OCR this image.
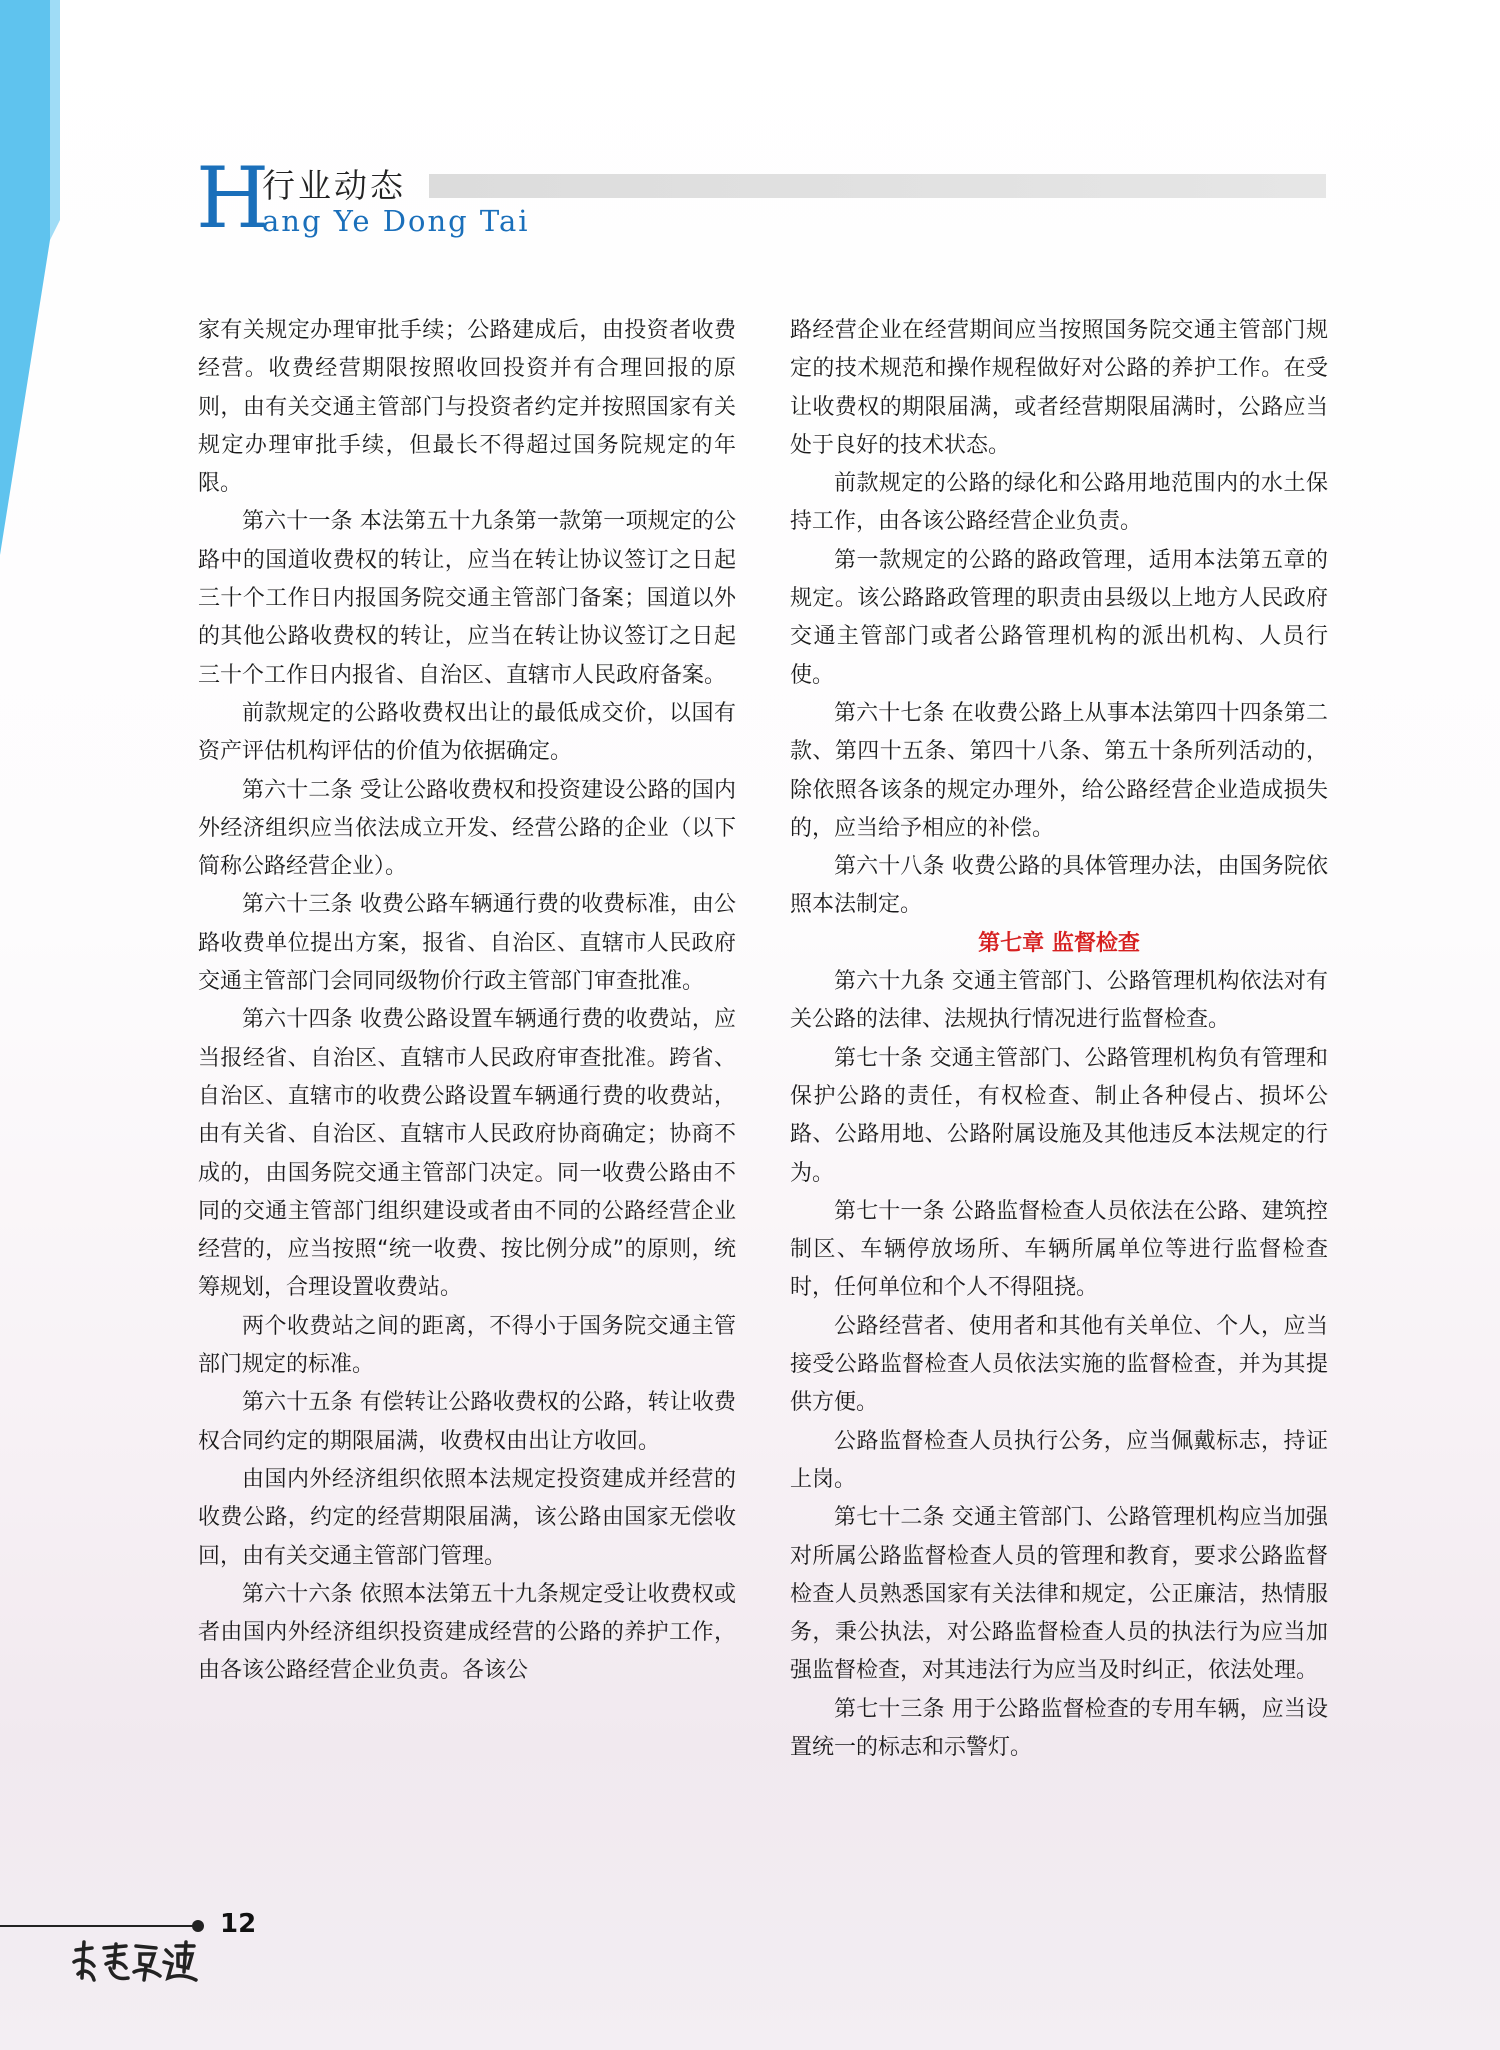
H
行业动态
ang Ye Dong Tai

家有关规定办理审批手续；公路建成后，由投资者收费经营。收费经营期限按照收回投资并有合理回报的原则，由有关交通主管部门与投资者约定并按照国家有关规定办理审批手续，但最长不得超过国务院规定的年限。

第六十一条 本法第五十九条第一款第一项规定的公路中的国道收费权的转让，应当在转让协议签订之日起三十个工作日内报国务院交通主管部门备案；国道以外的其他公路收费权的转让，应当在转让协议签订之日起三十个工作日内报省、自治区、直辖市人民政府备案。

前款规定的公路收费权出让的最低成交价，以国有资产评估机构评估的价值为依据确定。

第六十二条 受让公路收费权和投资建设公路的国内外经济组织应当依法成立开发、经营公路的企业（以下简称公路经营企业）。

第六十三条 收费公路车辆通行费的收费标准，由公路收费单位提出方案，报省、自治区、直辖市人民政府交通主管部门会同同级物价行政主管部门审查批准。

第六十四条 收费公路设置车辆通行费的收费站，应当报经省、自治区、直辖市人民政府审查批准。跨省、自治区、直辖市的收费公路设置车辆通行费的收费站，由有关省、自治区、直辖市人民政府协商确定；协商不成的，由国务院交通主管部门决定。同一收费公路由不同的交通主管部门组织建设或者由不同的公路经营企业经营的，应当按照“统一收费、按比例分成”的原则，统筹规划，合理设置收费站。

两个收费站之间的距离，不得小于国务院交通主管部门规定的标准。

第六十五条 有偿转让公路收费权的公路，转让收费权合同约定的期限届满，收费权由出让方收回。

由国内外经济组织依照本法规定投资建成并经营的收费公路，约定的经营期限届满，该公路由国家无偿收回，由有关交通主管部门管理。

第六十六条 依照本法第五十九条规定受让收费权或者由国内外经济组织投资建成经营的公路的养护工作，由各该公路经营企业负责。各该公

路经营企业在经营期间应当按照国务院交通主管部门规定的技术规范和操作规程做好对公路的养护工作。在受让收费权的期限届满，或者经营期限届满时，公路应当处于良好的技术状态。

前款规定的公路的绿化和公路用地范围内的水土保持工作，由各该公路经营企业负责。

第一款规定的公路的路政管理，适用本法第五章的规定。该公路路政管理的职责由县级以上地方人民政府交通主管部门或者公路管理机构的派出机构、人员行使。

第六十七条 在收费公路上从事本法第四十四条第二款、第四十五条、第四十八条、第五十条所列活动的，除依照各该条的规定办理外，给公路经营企业造成损失的，应当给予相应的补偿。

第六十八条 收费公路的具体管理办法，由国务院依照本法制定。

第七章 监督检查

第六十九条 交通主管部门、公路管理机构依法对有关公路的法律、法规执行情况进行监督检查。

第七十条 交通主管部门、公路管理机构负有管理和保护公路的责任，有权检查、制止各种侵占、损坏公路、公路用地、公路附属设施及其他违反本法规定的行为。

第七十一条 公路监督检查人员依法在公路、建筑控制区、车辆停放场所、车辆所属单位等进行监督检查时，任何单位和个人不得阻挠。

公路经营者、使用者和其他有关单位、个人，应当接受公路监督检查人员依法实施的监督检查，并为其提供方便。

公路监督检查人员执行公务，应当佩戴标志，持证上岗。

第七十二条 交通主管部门、公路管理机构应当加强对所属公路监督检查人员的管理和教育，要求公路监督检查人员熟悉国家有关法律和规定，公正廉洁，热情服务，秉公执法，对公路监督检查人员的执法行为应当加强监督检查，对其违法行为应当及时纠正，依法处理。

第七十三条 用于公路监督检查的专用车辆，应当设置统一的标志和示警灯。

12
